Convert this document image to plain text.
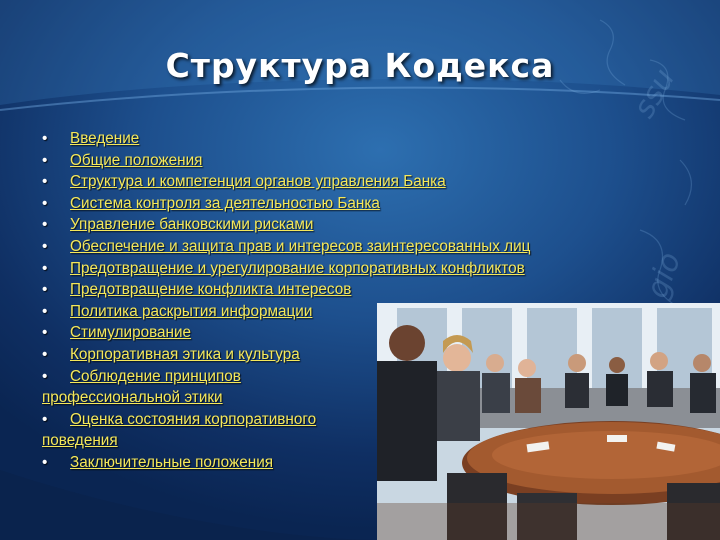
gio
ssu
Структура Кодекса
• Введение
• Общие положения
• Структура и компетенция органов управления Банка
• Система контроля за деятельностью Банка
• Управление банковскими рисками
• Обеспечение и защита прав и интересов заинтересованных лиц
• Предотвращение и урегулирование корпоративных конфликтов
• Предотвращение конфликта интересов
• Политика раскрытия информации
• Стимулирование
• Корпоративная этика и культура
• Соблюдение принципов профессиональной этики
• Оценка состояния корпоративного поведения
• Заключительные положения
